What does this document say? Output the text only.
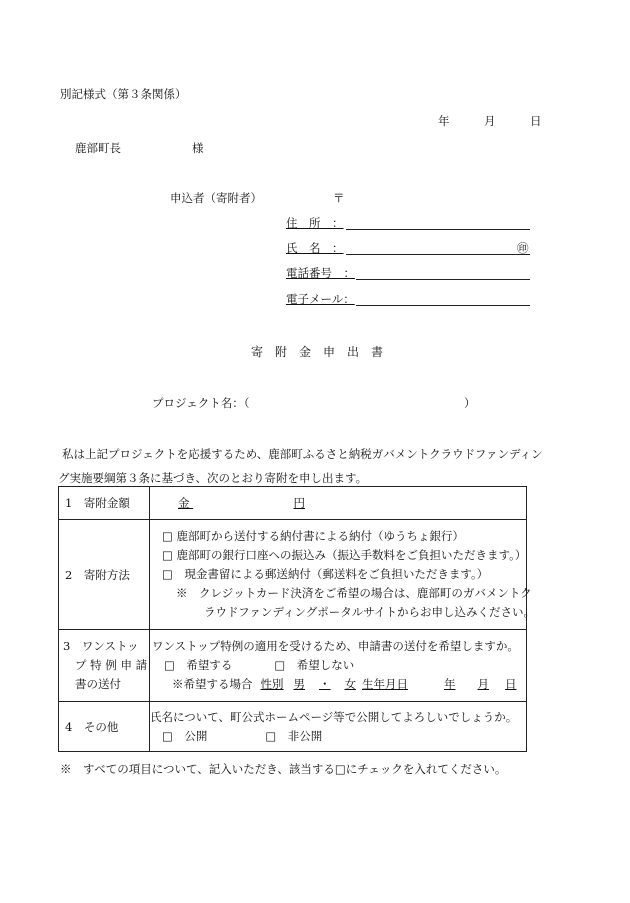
別記様式（第３条関係）
年	月	日
鹿部町長	様
申込者（寄附者）	〒
住　所　：
氏　名　：	㊞
電話番号　：
電子メール：
寄　附　金　申　出　書
プロジェクト名：（	）
私は上記プロジェクトを応援するため、鹿部町ふるさと納税ガバメントクラウドファンディン
グ実施要綱第３条に基づき、次のとおり寄附を申し出ます。
1　寄附金額	金 円
2　寄附方法	□ 鹿部町から送付する納付書による納付（ゆうちょ銀行）
□ 鹿部町の銀行口座への振込み（振込手数料をご負担いただきます。）
□　現金書留による郵送納付（郵送料をご負担いただきます。）
※　クレジットカード決済をご希望の場合は、鹿部町のガバメントク
ラウドファンディングポータルサイトからお申し込みください。

3　ワンストッ
プ 特 例 申 請
書の送付	ワンストップ特例の適用を受けるため、申請書の送付を希望しますか。
□　希望する □　希望しない
※希望する場合 性別 男 ・ 女 生年月日 年 月 日

4　その他	氏名について、町公式ホームページ等で公開してよろしいでしょうか。
□　公開 □　非公開
※　すべての項目について、記入いただき、該当する□にチェックを入れてください。
